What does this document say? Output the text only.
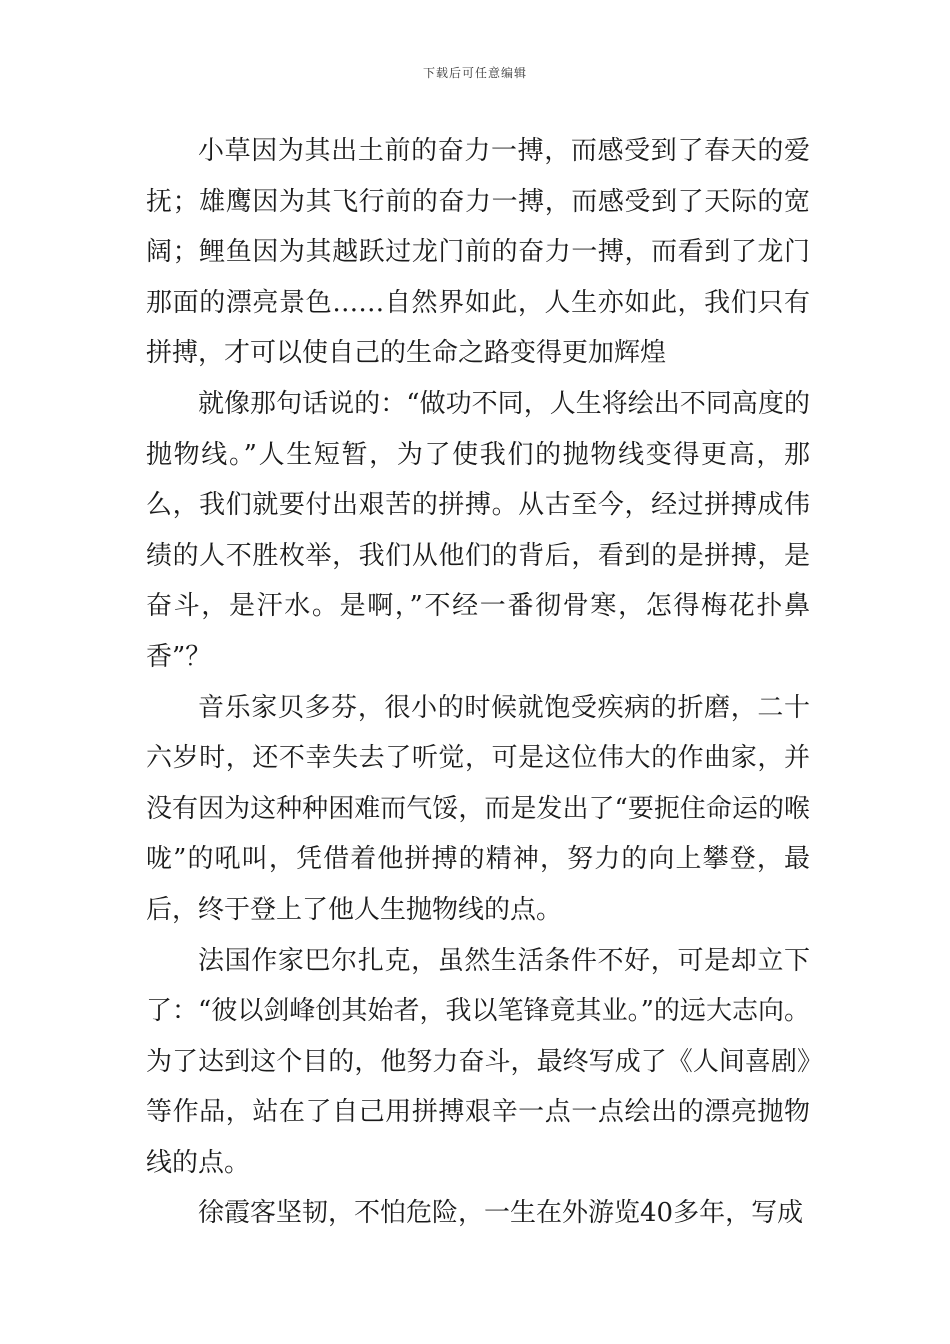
下载后可任意编辑

小草因为其出土前的奋力一搏，而感受到了春天的爱抚；雄鹰因为其飞行前的奋力一搏，而感受到了天际的宽阔；鲤鱼因为其越跃过龙门前的奋力一搏，而看到了龙门那面的漂亮景色……自然界如此，人生亦如此，我们只有拼搏，才可以使自己的生命之路变得更加辉煌

就像那句话说的：“做功不同，人生将绘出不同高度的抛物线。”人生短暂，为了使我们的抛物线变得更高，那么，我们就要付出艰苦的拼搏。从古至今，经过拼搏成伟绩的人不胜枚举，我们从他们的背后，看到的是拼搏，是奋斗，是汗水。是啊，”不经一番彻骨寒，怎得梅花扑鼻香”？

音乐家贝多芬，很小的时候就饱受疾病的折磨，二十六岁时，还不幸失去了听觉，可是这位伟大的作曲家，并没有因为这种种困难而气馁，而是发出了“要扼住命运的喉咙”的吼叫，凭借着他拼搏的精神，努力的向上攀登，最后，终于登上了他人生抛物线的点。

法国作家巴尔扎克，虽然生活条件不好，可是却立下了：“彼以剑峰创其始者，我以笔锋竟其业。”的远大志向。为了达到这个目的，他努力奋斗，最终写成了《人间喜剧》等作品，站在了自己用拼搏艰辛一点一点绘出的漂亮抛物线的点。

徐霞客坚韧，不怕危险，一生在外游览40多年，写成
